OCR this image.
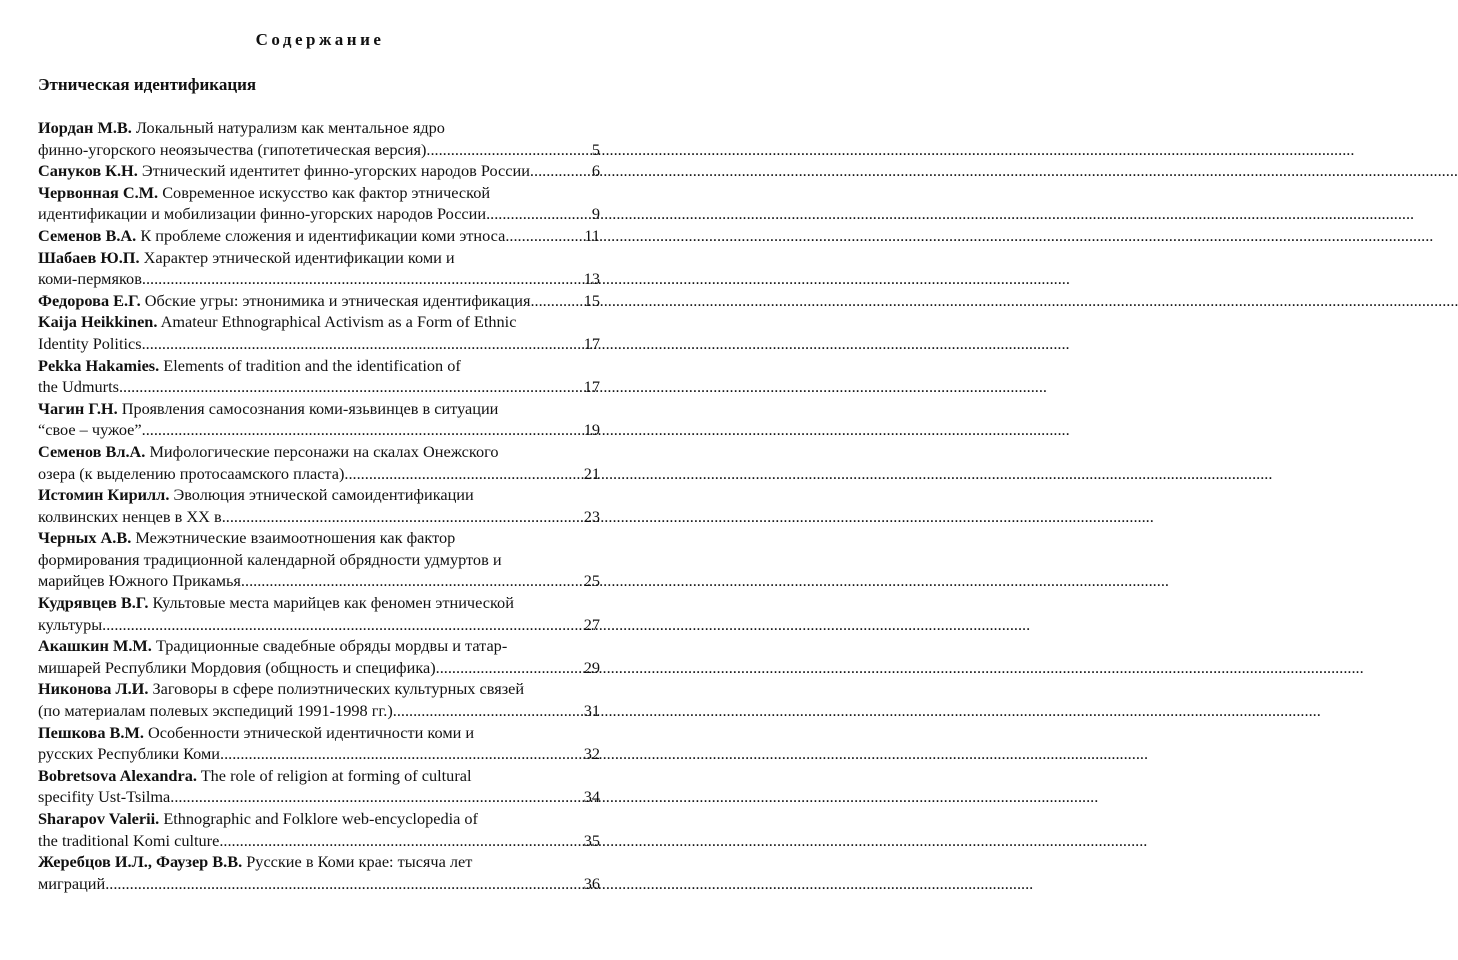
Содержание
Этническая идентификация
Иордан М.В. Локальный натурализм как ментальное ядро
финно-угорского неоязычества (гипотетическая версия) .....	5
Сануков К.Н. Этнический идентитет финно-угорских народов России .....	6
Червонная С.М. Современное искусство как фактор этнической
идентификации и мобилизации финно-угорских народов России .....	9
Семенов В.А. К проблеме сложения и идентификации коми этноса .....	11
Шабаев Ю.П. Характер этнической идентификации коми и
коми-пермяков .....	13
Федорова Е.Г. Обские угры: этнонимика и этническая идентификация .....	15
Kaija Heikkinen. Amateur Ethnographical Activism as a Form of Ethnic
Identity Politics .....	17
Pekka Hakamies. Elements of tradition and the identification of
the Udmurts .....	17
Чагин Г.Н. Проявления самосознания коми-язьвинцев в ситуации
“свое – чужое” .....	19
Семенов Вл.А. Мифологические персонажи на скалах Онежского
озера (к выделению протосаамского пласта) .....	21
Истомин Кирилл. Эволюция этнической самоидентификации
колвинских ненцев в XX в. .....	23
Черных А.В. Межэтнические взаимоотношения как фактор
формирования традиционной календарной обрядности удмуртов и
марийцев Южного Прикамья .....	25
Кудрявцев В.Г. Культовые места марийцев как феномен этнической
культуры .....	27
Акашкин М.М. Традиционные свадебные обряды мордвы и татар-
мишарей Республики Мордовия (общность и специфика) .....	29
Никонова Л.И. Заговоры в сфере полиэтнических культурных связей
(по материалам полевых экспедиций 1991-1998 гг.) .....	31
Пешкова В.М. Особенности этнической идентичности коми и
русских Республики Коми .....	32
Bobretsova Alexandra. The role of religion at forming of cultural
specifity Ust-Tsilma .....	34
Sharapov Valerii. Ethnographic and Folklore web-encyclopedia of
the traditional Komi culture .....	35
Жеребцов И.Л., Фаузер В.В. Русские в Коми крае: тысяча лет
миграций .....	36
